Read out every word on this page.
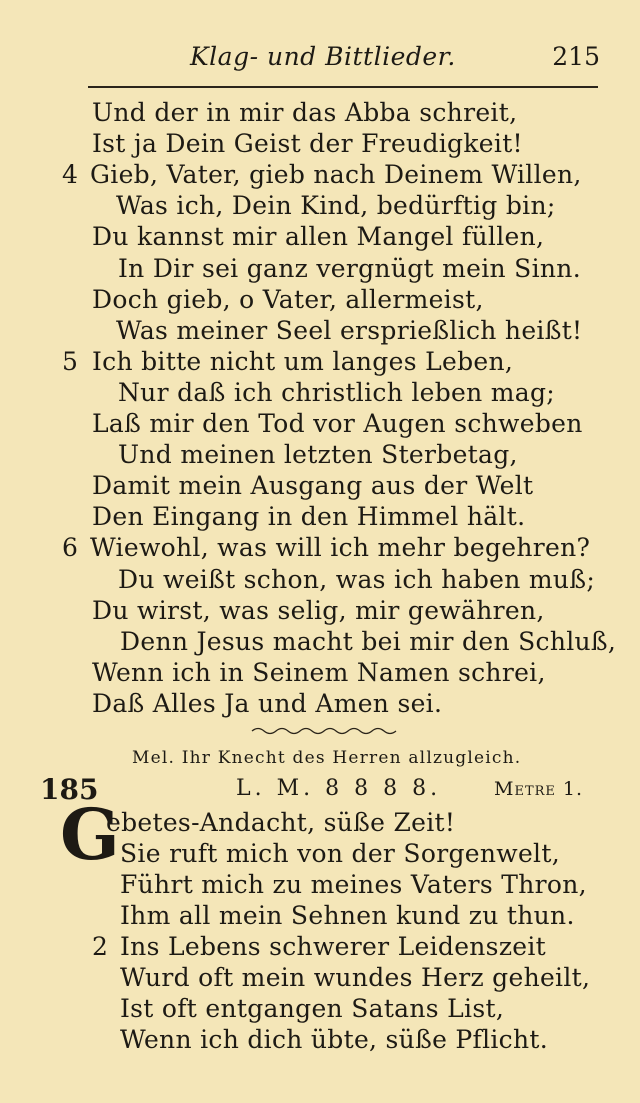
Klag- und Bittlieder.	215
Und der in mir das Abba schreit,
Ist ja Dein Geist der Freudigkeit!
4 Gieb, Vater, gieb nach Deinem Willen,
Was ich, Dein Kind, bedürftig bin;
Du kannst mir allen Mangel füllen,
In Dir sei ganz vergnügt mein Sinn.
Doch gieb, o Vater, allermeist,
Was meiner Seel ersprießlich heißt!
5 Ich bitte nicht um langes Leben,
Nur daß ich christlich leben mag;
Laß mir den Tod vor Augen schweben
Und meinen letzten Sterbetag,
Damit mein Ausgang aus der Welt
Den Eingang in den Himmel hält.
6 Wiewohl, was will ich mehr begehren?
Du weißt schon, was ich haben muß;
Du wirst, was selig, mir gewähren,
Denn Jesus macht bei mir den Schluß,
Wenn ich in Seinem Namen schrei,
Daß Alles Ja und Amen sei.
Mel. Ihr Knecht des Herren allzugleich.
185	L. M. 8 8 8 8.	Metre 1.
G
ebetes-Andacht, süße Zeit!
Sie ruft mich von der Sorgenwelt,
Führt mich zu meines Vaters Thron,
Ihm all mein Sehnen kund zu thun.
2 Ins Lebens schwerer Leidenszeit
Wurd oft mein wundes Herz geheilt,
Ist oft entgangen Satans List,
Wenn ich dich übte, süße Pflicht.
